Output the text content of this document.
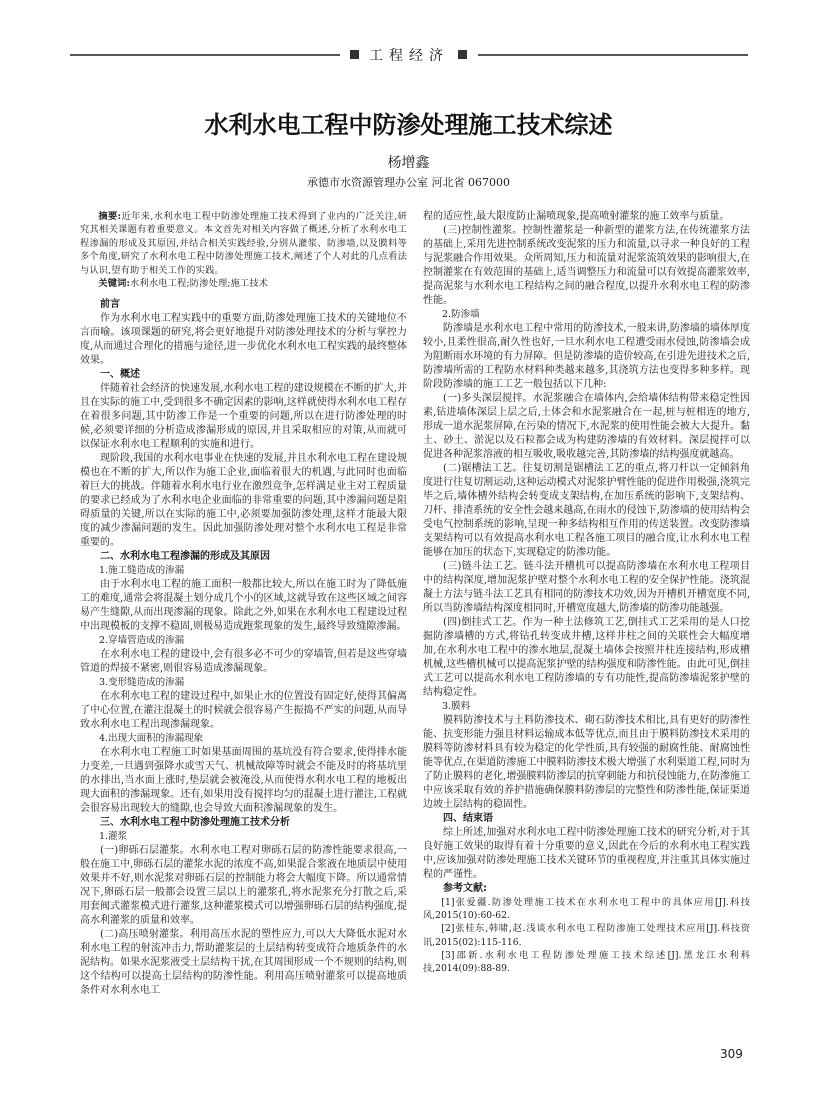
工程经济
水利水电工程中防渗处理施工技术综述
杨增鑫
承德市水资源管理办公室 河北省 067000

摘要:近年来,水利水电工程中防渗处理施工技术得到了业内的广泛关注,研究其相关课题有着重要意义。本文首先对相关内容做了概述,分析了水利水电工程渗漏的形成及其原因,并结合相关实践经验,分别从灌浆、防渗墙,以及膜料等多个角度,研究了水利水电工程中防渗处理施工技术,阐述了个人对此的几点看法与认识,望有助于相关工作的实践。

关键词:水利水电工程;防渗处理;施工技术

前言

作为水利水电工程实践中的重要方面,防渗处理施工技术的关键地位不言而喻。该项课题的研究,将会更好地提升对防渗处理技术的分析与掌控力度,从而通过合理化的措施与途径,进一步优化水利水电工程实践的最终整体效果。

一、概述

伴随着社会经济的快速发展,水利水电工程的建设规模在不断的扩大,并且在实际的施工中,受到很多不确定因素的影响,这样就使得水利水电工程存在着很多问题,其中防渗工作是一个重要的问题,所以在进行防渗处理的时候,必须要详细的分析造成渗漏形成的原因,并且采取相应的对策,从而就可以保证水利水电工程顺利的实施和进行。

现阶段,我国的水利水电事业在快速的发展,并且水利水电工程在建设规模也在不断的扩大,所以作为施工企业,面临着很大的机遇,与此同时也面临着巨大的挑战。伴随着水利水电行业在激烈竞争,怎样满足业主对工程质量的要求已经成为了水利水电企业面临的非常重要的问题,其中渗漏问题是阻碍质量的关键,所以在实际的施工中,必须要加强防渗处理,这样才能最大限度的减少渗漏问题的发生。因此加强防渗处理对整个水利水电工程是非常重要的。

二、水利水电工程渗漏的形成及其原因

1.施工缝造成的渗漏

由于水利水电工程的施工面积一般都比较大,所以在施工时为了降低施工的难度,通常会将混凝土划分成几个小的区域,这就导致在这些区域之间容易产生缝隙,从而出现渗漏的现象。除此之外,如果在水利水电工程建设过程中出现模板的支撑不稳固,则极易造成跑浆现象的发生,最终导致缝隙渗漏。

2.穿墙管造成的渗漏

在水利水电工程的建设中,会有很多必不可少的穿墙管,但若是这些穿墙管道的焊接不紧密,则很容易造成渗漏现象。

3.变形缝造成的渗漏

在水利水电工程的建设过程中,如果止水的位置没有固定好,使得其偏离了中心位置,在灌注混凝土的时候就会很容易产生振捣不严实的问题,从而导致水利水电工程出现渗漏现象。

4.出现大面积的渗漏现象

在水利水电工程施工时如果基面周围的基坑没有符合要求,使得排水能力变差,一旦遇到强降水或雪天气、机械故障等时就会不能及时的将基坑里的水排出,当水面上涨时,垫层就会被淹没,从而使得水利水电工程的地板出现大面积的渗漏现象。还有,如果用没有搅拌均匀的混凝土进行灌注,工程就会很容易出现较大的缝隙,也会导致大面积渗漏现象的发生。

三、水利水电工程中防渗处理施工技术分析

1.灌浆

(一)卵砾石层灌浆。水利水电工程对卵砾石层的防渗性能要求很高,一般在施工中,卵砾石层的灌浆水泥的浓度不高,如果混合浆液在地质层中使用效果并不好,则水泥浆对卵砾石层的控制能力将会大幅度下降。所以通常情况下,卵砾石层一般都会设置三层以上的灌浆孔,将水泥浆充分打散之后,采用套阀式灌浆模式进行灌浆,这种灌浆模式可以增强卵砾石层的结构强度,提高水利灌浆的质量和效率。

(二)高压喷射灌浆。利用高压水泥的塑性应力,可以大大降低水泥对水利水电工程的射流冲击力,帮助灌浆层的土层结构转变成符合地质条件的水泥结构。如果水泥浆液受土层结构干扰,在其周围形成一个不规则的结构,则这个结构可以提高土层结构的防渗性能。利用高压喷射灌浆可以提高地质条件对水利水电工

程的适应性,最大限度防止漏喷现象,提高喷射灌浆的施工效率与质量。

(三)控制性灌浆。控制性灌浆是一种新型的灌浆方法,在传统灌浆方法的基础上,采用先进控制系统改变泥浆的压力和流量,以寻求一种良好的工程与泥浆融合作用效果。众所周知,压力和流量对泥浆流筑效果的影响很大,在控制灌浆在有效范围的基础上,适当调整压力和流量可以有效提高灌浆效率,提高泥浆与水利水电工程结构之间的融合程度,以提升水利水电工程的防渗性能。

2.防渗墙

防渗墙是水利水电工程中常用的防渗技术,一般来讲,防渗墙的墙体厚度较小,且柔性很高,耐久性也好,一旦水利水电工程遭受雨水侵蚀,防渗墙会成为阻断雨水环境的有力屏障。但是防渗墙的造价较高,在引进先进技术之后,防渗墙所需的工程防水材料种类越来越多,其浇筑方法也变得多种多样。现阶段防渗墙的施工工艺一般包括以下几种:

(一)多头深层搅拌。水泥浆融合在墙体内,会给墙体结构带来稳定性因素,钻进墙体深层上层之后,土体会和水泥浆融合在一起,桩与桩相连的地方,形成一道水泥浆屏障,在污染的情况下,水泥浆的使用性能会被大大提升。黏土、砂土、淤泥以及石粒都会成为构建防渗墙的有效材料。深层搅拌可以促进各种泥浆溶液的相互吸收,吸收越完善,其防渗墙的结构强度就越高。

(二)锯槽法工艺。往复切割是锯槽法工艺的重点,将刀杆以一定倾斜角度进行往复切割运动,这种运动模式对泥浆护臂性能的促进作用极强,浇筑完毕之后,墙体槽外结构会转变成支架结构,在加压系统的影响下,支架结构、刀杆、排渣系统的安全性会越来越高,在雨水的侵蚀下,防渗墙的使用结构会受电气控制系统的影响,呈现一种多结构相互作用的传送装置。改变防渗墙支架结构可以有效提高水利水电工程各施工项目的融合度,让水利水电工程能够在加压的状态下,实现稳定的防渗功能。

(三)链斗法工艺。链斗法开槽机可以提高防渗墙在水利水电工程项目中的结构深度,增加泥浆护壁对整个水利水电工程的安全保护性能。浇筑混凝土方法与链斗法工艺具有相同的防渗技术功效,因为开槽机开槽宽度不同,所以当防渗墙结构深度相同时,开槽宽度越大,防渗墙的防渗功能越强。

(四)倒挂式工艺。作为一种土法修筑工艺,倒挂式工艺采用的是人口挖掘防渗墙槽的方式,将钻孔转变成井槽,这样井柱之间的关联性会大幅度增加,在水利水电工程中的渗水地层,混凝土墙体会按照井柱连接结构,形成槽机械,这些槽机械可以提高泥浆护壁的结构强度和防渗性能。由此可见,倒挂式工艺可以提高水利水电工程防渗墙的专有功能性,提高防渗墙泥浆护壁的结构稳定性。

3.膜料

膜料防渗技术与土料防渗技术、砌石防渗技术相比,具有更好的防渗性能、抗变形能力强且材料运输成本低等优点,而且由于膜料防渗技术采用的膜料等防渗材料具有较为稳定的化学性质,具有较强的耐腐性能、耐腐蚀性能等优点,在渠道防渗施工中膜料防渗技术极大增强了水利渠道工程,同时为了防止膜料的老化,增强膜料防渗层的抗穿刺能力和抗侵蚀能力,在防渗施工中应该采取有效的养护措施确保膜料防渗层的完整性和防渗性能,保证渠道边坡土层结构的稳固性。

四、结束语

综上所述,加强对水利水电工程中防渗处理施工技术的研究分析,对于其良好施工效果的取得有着十分重要的意义,因此在今后的水利水电工程实践中,应该加强对防渗处理施工技术关键环节的重视程度,并注重其具体实施过程的严谨性。

参考文献:

[1]张爱疆.防渗处理施工技术在水利水电工程中的具体应用[J].科技风,2015(10):60-62.

[2]张桂东,韩啸,赵.浅谈水利水电工程防渗施工处理技术应用[J].科技资讯,2015(02):115-116.

[3]邵新.水利水电工程防渗处理施工技术综述[J].黑龙江水利科技,2014(09):88-89.

309
